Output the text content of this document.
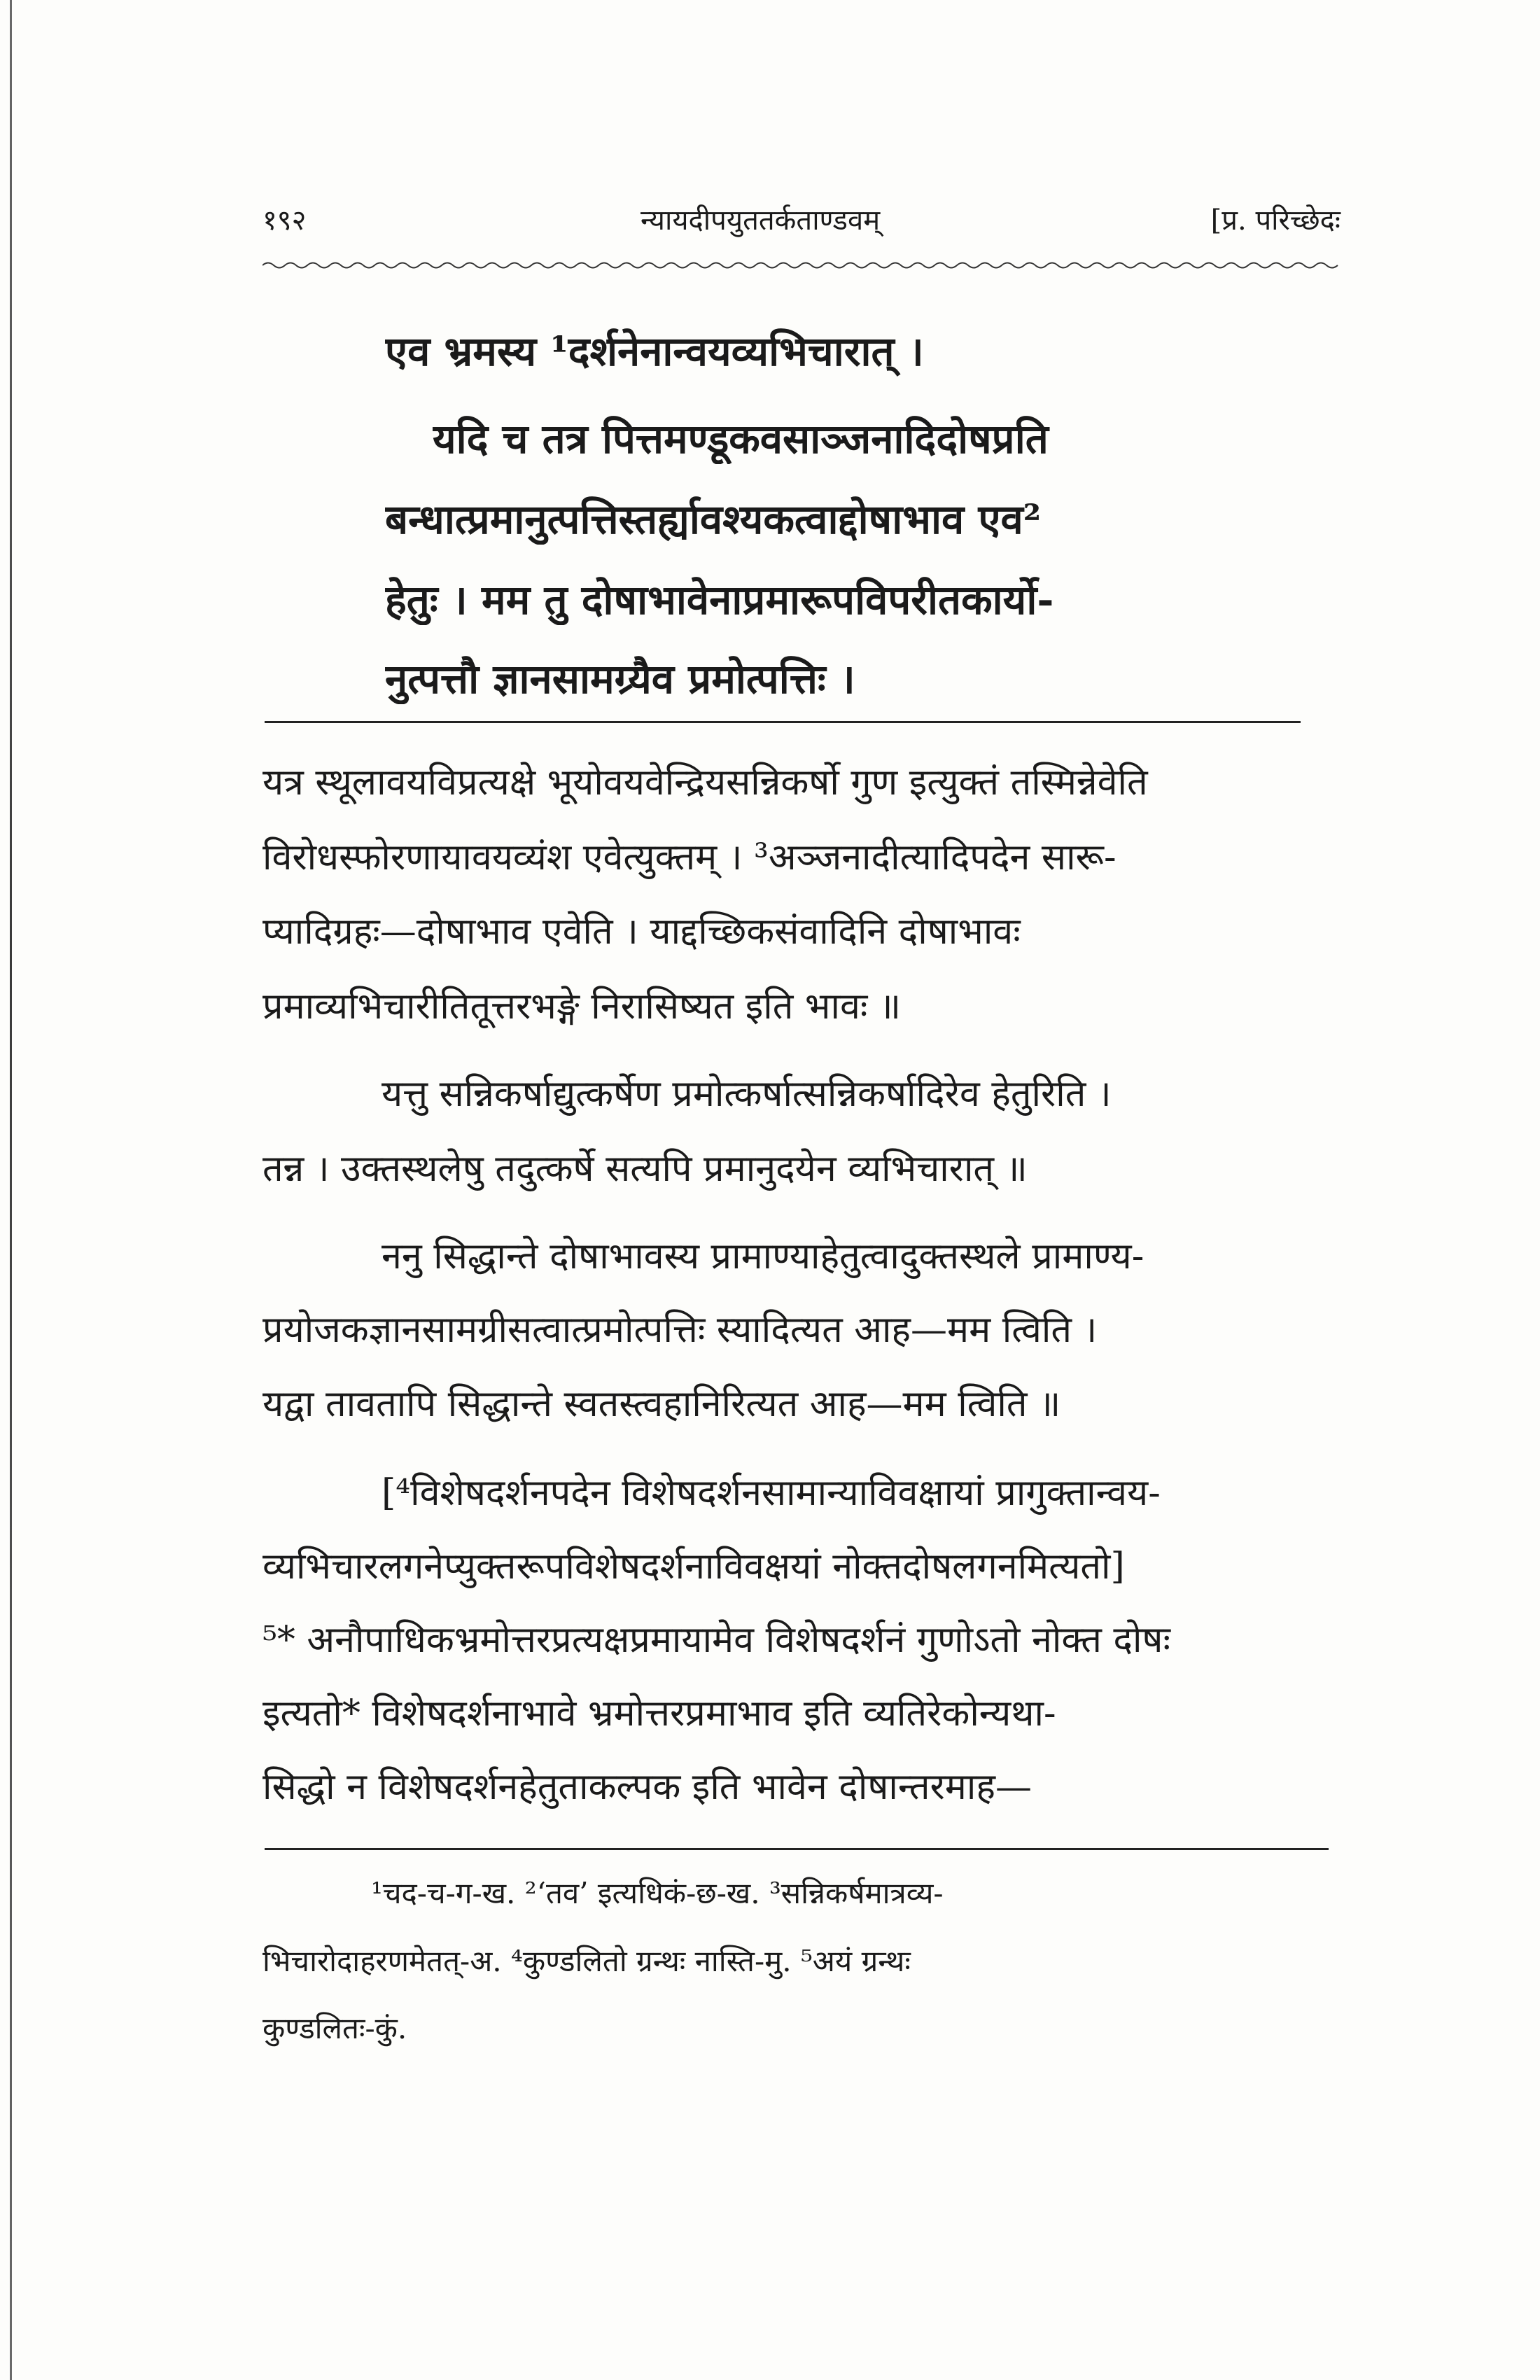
१९२	न्यायदीपयुततर्कताण्डवम्	[प्र. परिच्छेदः
एव भ्रमस्य ¹दर्शनेनान्वयव्यभिचारात् ।
यदि च तत्र पित्तमण्डूकवसाञ्जनादिदोषप्रति
बन्धात्प्रमानुत्पत्तिस्तर्ह्यावश्यकत्वाद्दोषाभाव एव²
हेतुः । मम तु दोषाभावेनाप्रमारूपविपरीतकार्यो-
नुत्पत्तौ ज्ञानसामग्र्यैव प्रमोत्पत्तिः ।
यत्र स्थूलावयविप्रत्यक्षे भूयोवयवेन्द्रियसन्निकर्षो गुण इत्युक्तं तस्मिन्नेवेति
विरोधस्फोरणायावयव्यंश एवेत्युक्तम् । ³अञ्जनादीत्यादिपदेन सारू-
प्यादिग्रहः—दोषाभाव एवेति । याद्दच्छिकसंवादिनि दोषाभावः
प्रमाव्यभिचारीतितूत्तरभङ्गे निरासिष्यत इति भावः ॥
यत्तु सन्निकर्षाद्युत्कर्षेण प्रमोत्कर्षात्सन्निकर्षादिरेव हेतुरिति ।
तन्न । उक्तस्थलेषु तदुत्कर्षे सत्यपि प्रमानुदयेन व्यभिचारात् ॥
ननु सिद्धान्ते दोषाभावस्य प्रामाण्याहेतुत्वादुक्तस्थले प्रामाण्य-
प्रयोजकज्ञानसामग्रीसत्वात्प्रमोत्पत्तिः स्यादित्यत आह—मम त्विति ।
यद्वा तावतापि सिद्धान्ते स्वतस्त्वहानिरित्यत आह—मम त्विति ॥
[⁴विशेषदर्शनपदेन विशेषदर्शनसामान्याविवक्षायां प्रागुक्तान्वय-
व्यभिचारलगनेप्युक्तरूपविशेषदर्शनाविवक्षयां नोक्तदोषलगनमित्यतो]
⁵* अनौपाधिकभ्रमोत्तरप्रत्यक्षप्रमायामेव विशेषदर्शनं गुणोऽतो नोक्त दोषः
इत्यतो* विशेषदर्शनाभावे भ्रमोत्तरप्रमाभाव इति व्यतिरेकोन्यथा-
सिद्धो न विशेषदर्शनहेतुताकल्पक इति भावेन दोषान्तरमाह—
¹चद-च-ग-ख. ²‘तव’ इत्यधिकं-छ-ख. ³सन्निकर्षमात्रव्य-
भिचारोदाहरणमेतत्-अ. ⁴कुण्डलितो ग्रन्थः नास्ति-मु. ⁵अयं ग्रन्थः
कुण्डलितः-कुं.
